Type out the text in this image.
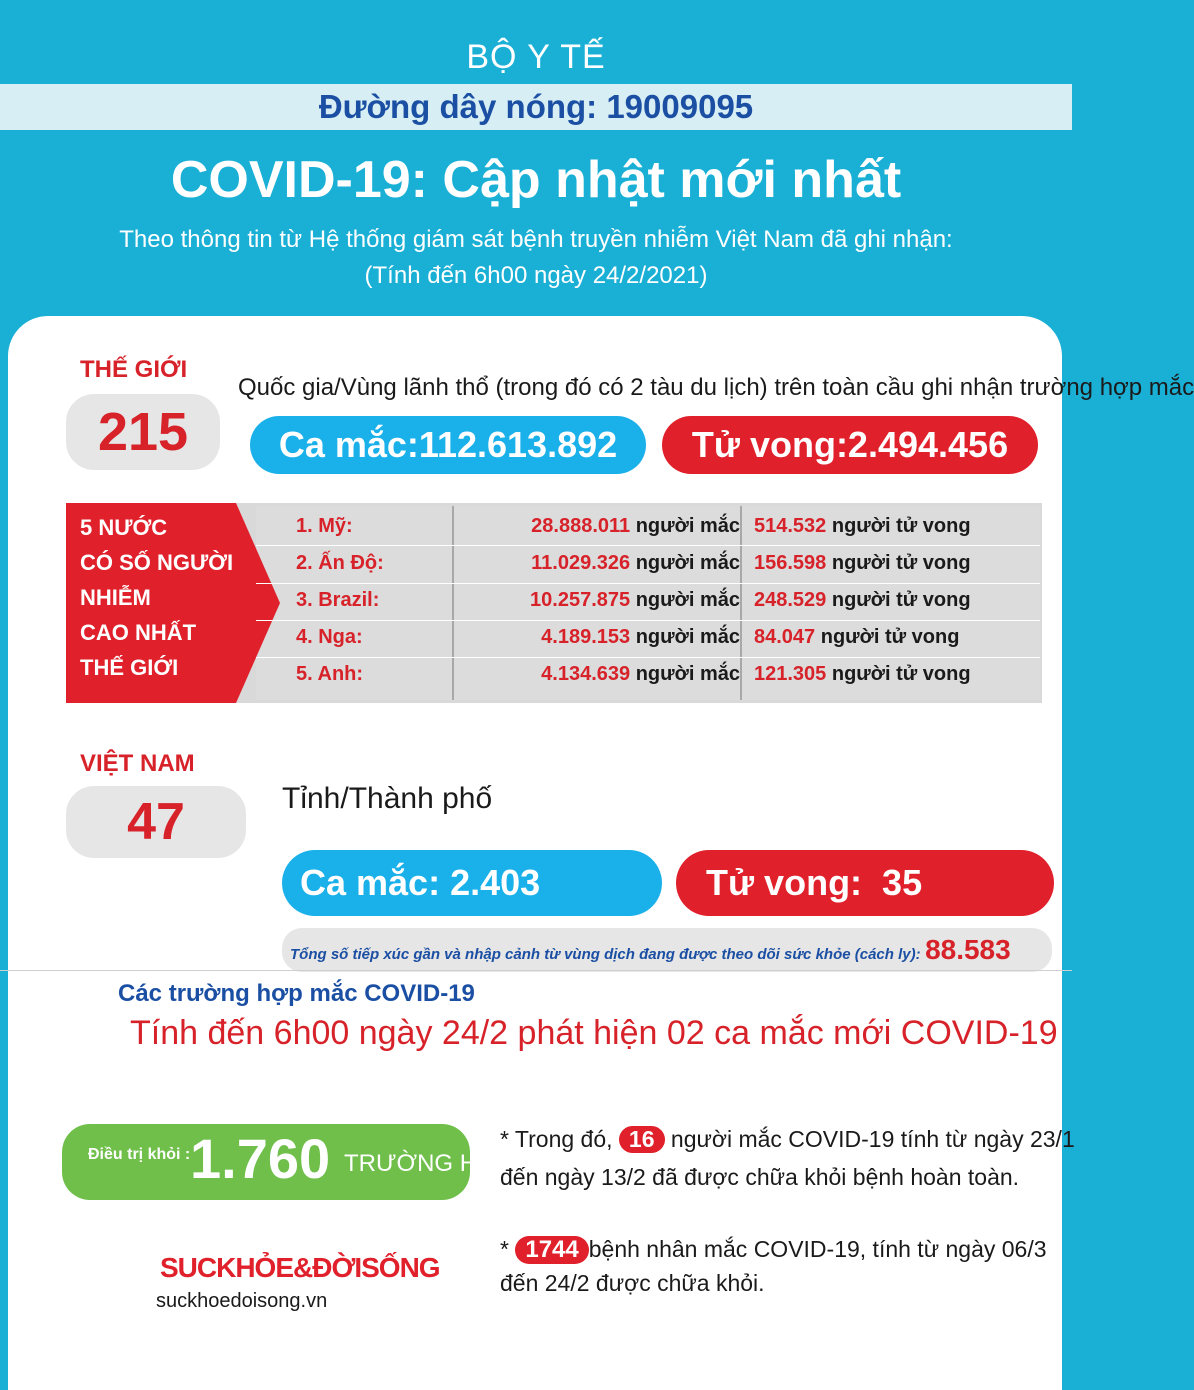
BỘ Y TẾ
Đường dây nóng: 19009095
COVID-19: Cập nhật mới nhất
Theo thông tin từ Hệ thống giám sát bệnh truyền nhiễm Việt Nam đã ghi nhận:
(Tính đến 6h00 ngày 24/2/2021)
THẾ GIỚI
215
Quốc gia/Vùng lãnh thổ (trong đó có 2 tàu du lịch) trên toàn cầu ghi nhận trường hợp mắc
Ca mắc:112.613.892	Tử vong:2.494.456
5 NƯỚC
CÓ SỐ NGƯỜI
NHIỄM
CAO NHẤT
THẾ GIỚI
1. Mỹ:	28.888.011 người mắc 514.532 người tử vong
2. Ấn Độ:	11.029.326 người mắc 156.598 người tử vong
3. Brazil:	10.257.875 người mắc 248.529 người tử vong
4. Nga:	4.189.153 người mắc 84.047 người tử vong
5. Anh:	4.134.639 người mắc 121.305 người tử vong
VIỆT NAM
47	Tỉnh/Thành phố
Ca mắc: 2.403	Tử vong:  35
Tổng số tiếp xúc gần và nhập cảnh từ vùng dịch đang được theo dõi sức khỏe (cách ly): 88.583
Các trường hợp mắc COVID-19
Tính đến 6h00 ngày 24/2 phát hiện 02 ca mắc mới COVID-19
Điều trị khỏi : 1.760 TRƯỜNG HỢP
* Trong đó, 16 người mắc COVID-19 tính từ ngày 23/1
đến ngày 13/2 đã được chữa khỏi bệnh hoàn toàn.
* 1744 bệnh nhân mắc COVID-19, tính từ ngày 06/3
đến 24/2 được chữa khỏi.
SUCKHỎE&ĐỜISỐNG
suckhoedoisong.vn
